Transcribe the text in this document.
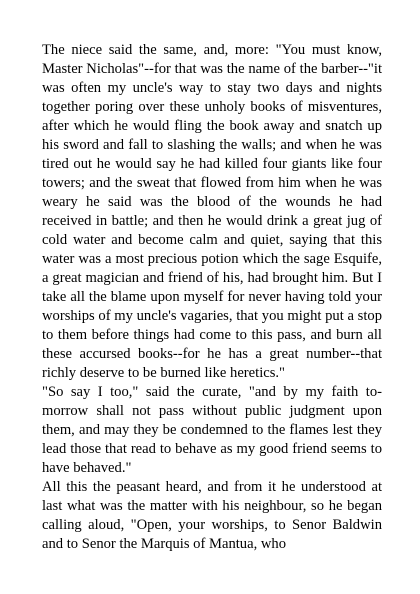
The niece said the same, and, more: "You must know, Master Nicholas"--for that was the name of the barber--"it was often my uncle's way to stay two days and nights together poring over these unholy books of misventures, after which he would fling the book away and snatch up his sword and fall to slashing the walls; and when he was tired out he would say he had killed four giants like four towers; and the sweat that flowed from him when he was weary he said was the blood of the wounds he had received in battle; and then he would drink a great jug of cold water and become calm and quiet, saying that this water was a most precious potion which the sage Esquife, a great magician and friend of his, had brought him. But I take all the blame upon myself for never having told your worships of my uncle's vagaries, that you might put a stop to them before things had come to this pass, and burn all these accursed books--for he has a great number--that richly deserve to be burned like heretics."

"So say I too," said the curate, "and by my faith to-morrow shall not pass without public judgment upon them, and may they be condemned to the flames lest they lead those that read to behave as my good friend seems to have behaved."

All this the peasant heard, and from it he understood at last what was the matter with his neighbour, so he began calling aloud, "Open, your worships, to Senor Baldwin and to Senor the Marquis of Mantua, who
